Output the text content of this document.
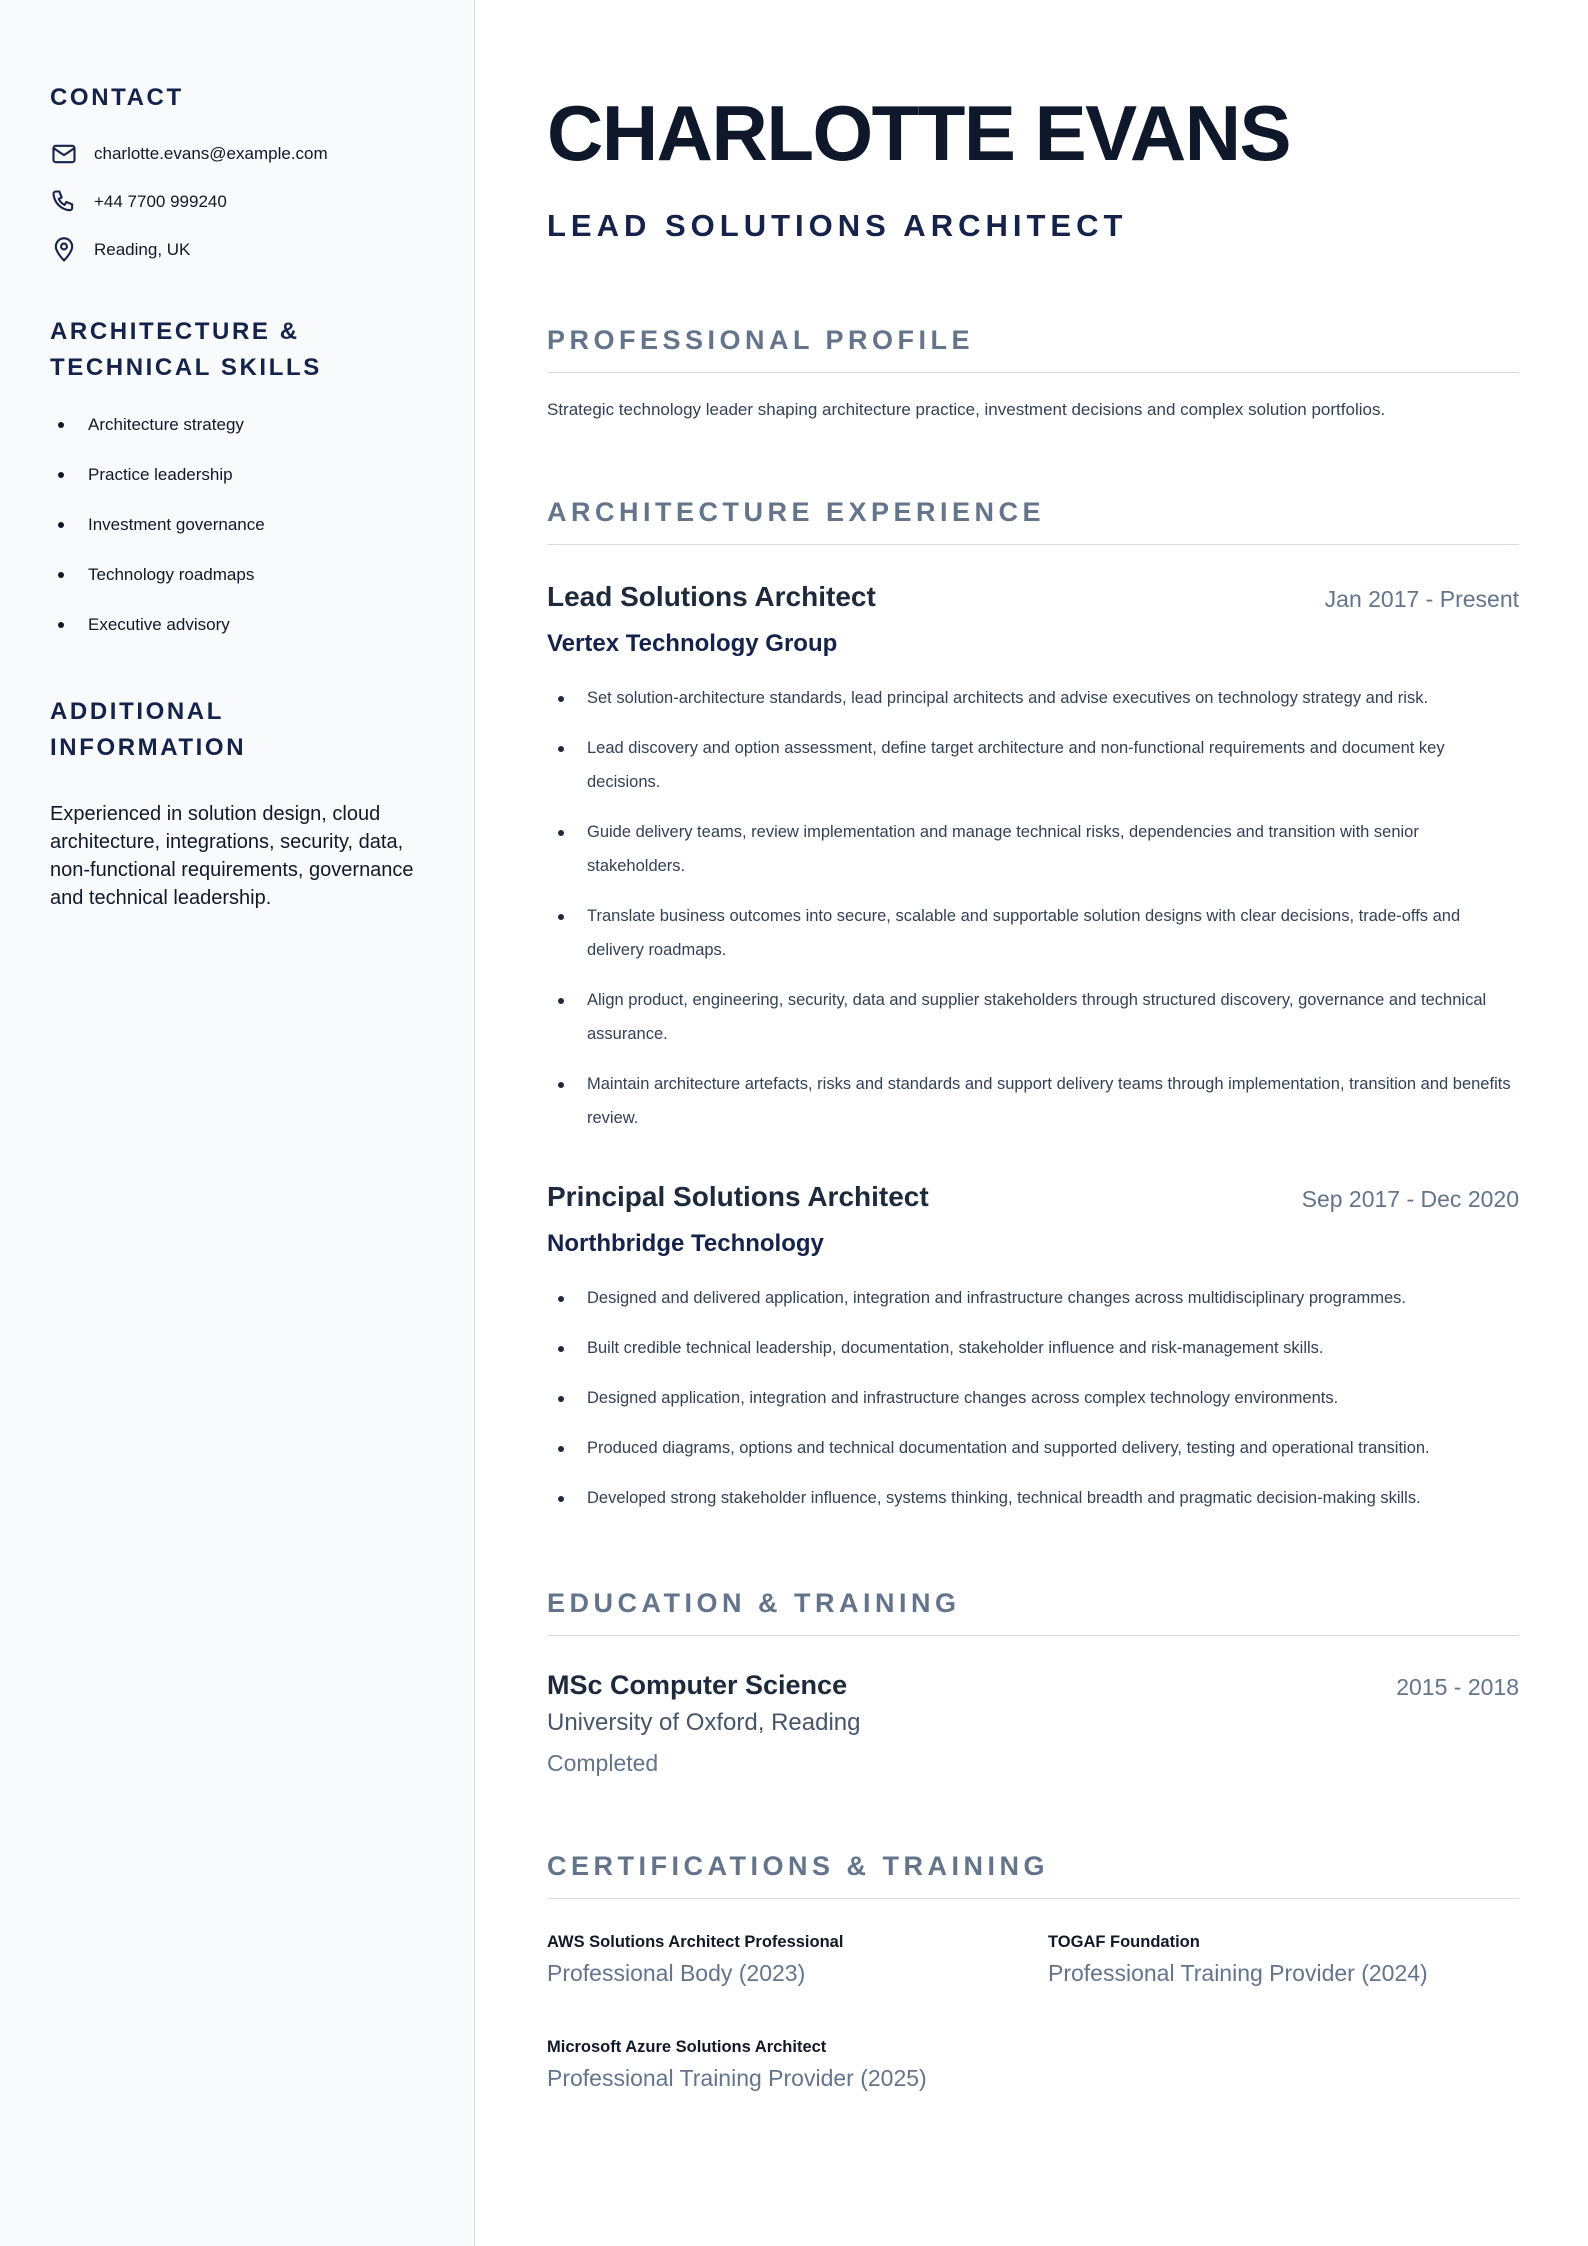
CONTACT
charlotte.evans@example.com
+44 7700 999240
Reading, UK
ARCHITECTURE & TECHNICAL SKILLS
Architecture strategy
Practice leadership
Investment governance
Technology roadmaps
Executive advisory
ADDITIONAL INFORMATION

Experienced in solution design, cloud architecture, integrations, security, data, non-functional requirements, governance and technical leadership.

CHARLOTTE EVANS
LEAD SOLUTIONS ARCHITECT
PROFESSIONAL PROFILE

Strategic technology leader shaping architecture practice, investment decisions and complex solution portfolios.

ARCHITECTURE EXPERIENCE
Lead Solutions Architect	Jan 2017 - Present
Vertex Technology Group
Set solution-architecture standards, lead principal architects and advise executives on technology strategy and risk.
Lead discovery and option assessment, define target architecture and non-functional requirements and document key decisions.
Guide delivery teams, review implementation and manage technical risks, dependencies and transition with senior stakeholders.
Translate business outcomes into secure, scalable and supportable solution designs with clear decisions, trade-offs and delivery roadmaps.
Align product, engineering, security, data and supplier stakeholders through structured discovery, governance and technical assurance.
Maintain architecture artefacts, risks and standards and support delivery teams through implementation, transition and benefits review.
Principal Solutions Architect	Sep 2017 - Dec 2020
Northbridge Technology
Designed and delivered application, integration and infrastructure changes across multidisciplinary programmes.
Built credible technical leadership, documentation, stakeholder influence and risk-management skills.
Designed application, integration and infrastructure changes across complex technology environments.
Produced diagrams, options and technical documentation and supported delivery, testing and operational transition.
Developed strong stakeholder influence, systems thinking, technical breadth and pragmatic decision-making skills.
EDUCATION & TRAINING
MSc Computer Science	2015 - 2018
University of Oxford, Reading
Completed
CERTIFICATIONS & TRAINING
AWS Solutions Architect Professional
Professional Body (2023)
TOGAF Foundation
Professional Training Provider (2024)
Microsoft Azure Solutions Architect
Professional Training Provider (2025)
